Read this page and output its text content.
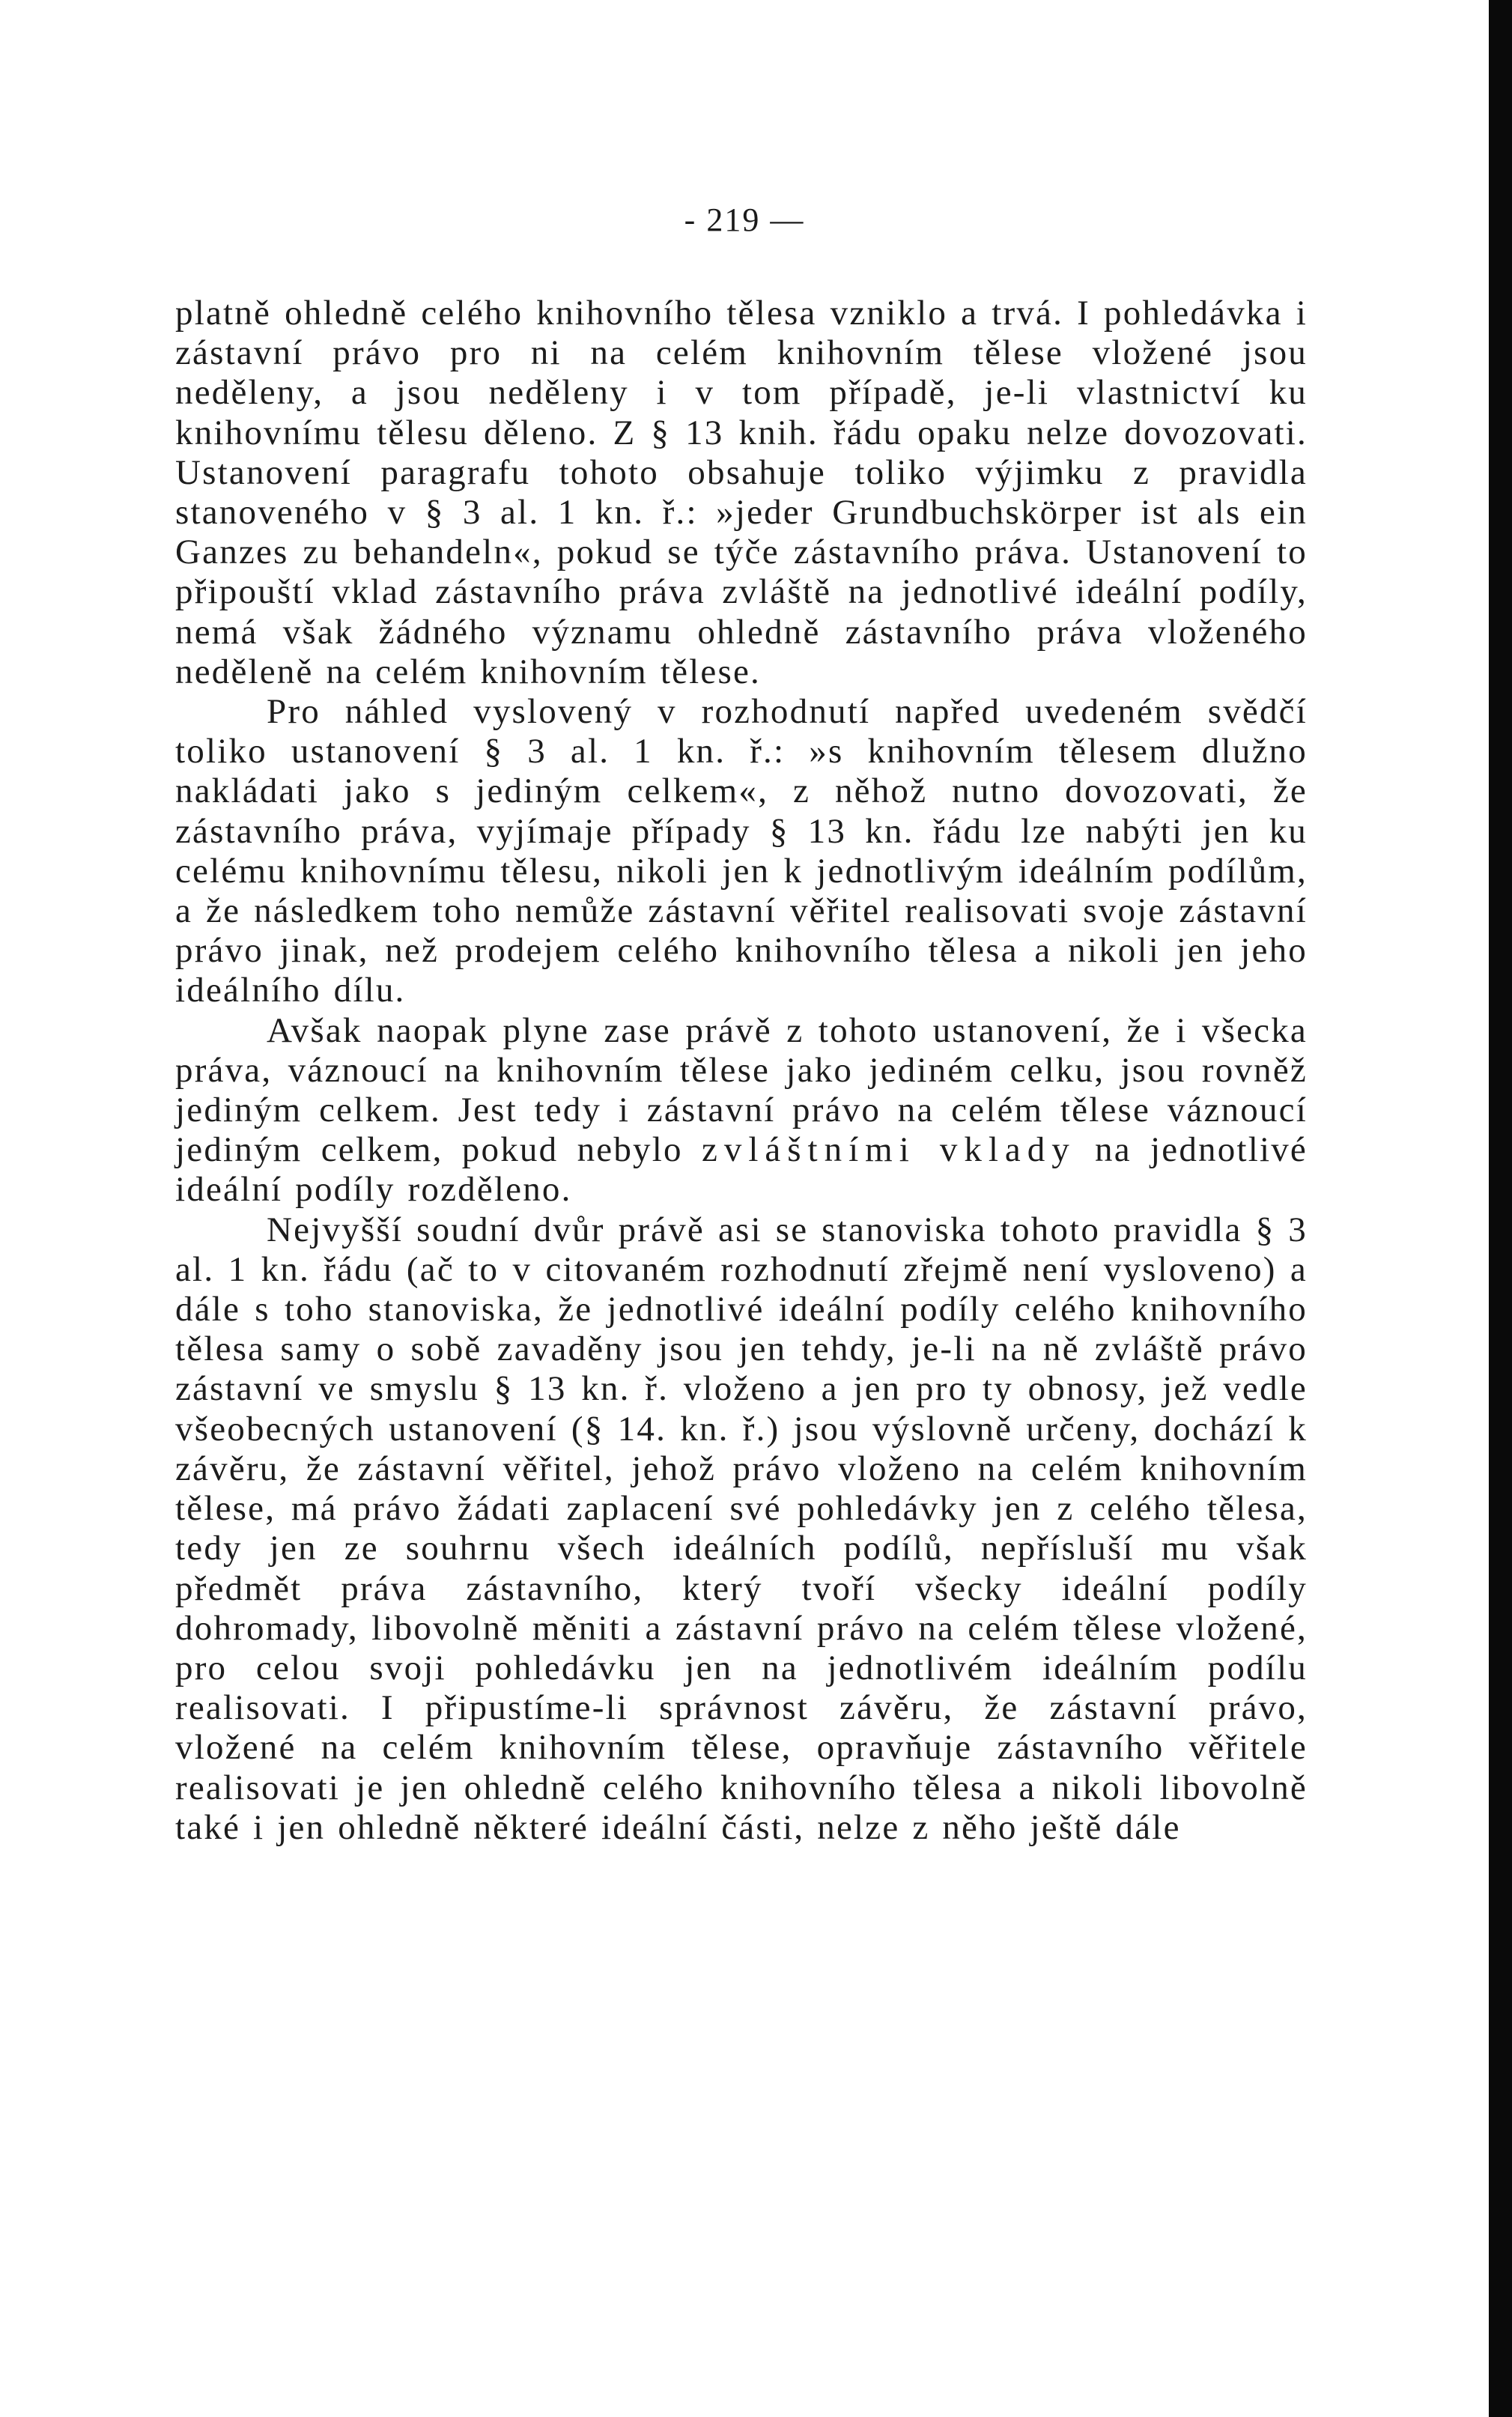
- 219 —

platně ohledně celého knihovního tělesa vzniklo a trvá. I pohledávka i zástavní právo pro ni na celém knihovním tělese vložené jsou neděleny, a jsou neděleny i v tom případě, je-li vlastnictví ku knihovnímu tělesu děleno. Z § 13 knih. řádu opaku nelze dovozovati. Ustanovení paragrafu tohoto obsahuje toliko výjimku z pravidla stanoveného v § 3 al. 1 kn. ř.: »jeder Grundbuchskörper ist als ein Ganzes zu behandeln«, pokud se týče zástavního práva. Ustanovení to připouští vklad zástavního práva zvláště na jednotlivé ideální podíly, nemá však žádného významu ohledně zástavního práva vloženého neděleně na celém knihovním tělese.

Pro náhled vyslovený v rozhodnutí napřed uvedeném svědčí toliko ustanovení § 3 al. 1 kn. ř.: »s knihovním tělesem dlužno nakládati jako s jediným celkem«, z něhož nutno dovozovati, že zástavního práva, vyjímaje případy § 13 kn. řádu lze nabýti jen ku celému knihovnímu tělesu, nikoli jen k jednotlivým ideálním podílům, a že následkem toho nemůže zástavní věřitel realisovati svoje zástavní právo jinak, než prodejem celého knihovního tělesa a nikoli jen jeho ideálního dílu.

Avšak naopak plyne zase právě z tohoto ustanovení, že i všecka práva, váznoucí na knihovním tělese jako jediném celku, jsou rovněž jediným celkem. Jest tedy i zástavní právo na celém tělese váznoucí jediným celkem, pokud nebylo zvláštními vklady na jednotlivé ideální podíly rozděleno.

Nejvyšší soudní dvůr právě asi se stanoviska tohoto pravidla § 3 al. 1 kn. řádu (ač to v citovaném rozhodnutí zřejmě není vysloveno) a dále s toho stanoviska, že jednotlivé ideální podíly celého knihovního tělesa samy o sobě zavaděny jsou jen tehdy, je-li na ně zvláště právo zástavní ve smyslu § 13 kn. ř. vloženo a jen pro ty obnosy, jež vedle všeobecných ustanovení (§ 14. kn. ř.) jsou výslovně určeny, dochází k závěru, že zástavní věřitel, jehož právo vloženo na celém knihovním tělese, má právo žádati zaplacení své pohledávky jen z celého tělesa, tedy jen ze souhrnu všech ideálních podílů, nepřísluší mu však předmět práva zástavního, který tvoří všecky ideální podíly dohromady, libovolně měniti a zástavní právo na celém tělese vložené, pro celou svoji pohledávku jen na jednotlivém ideálním podílu realisovati. I připustíme-li správnost závěru, že zástavní právo, vložené na celém knihovním tělese, opravňuje zástavního věřitele realisovati je jen ohledně celého knihovního tělesa a nikoli libovolně také i jen ohledně některé ideální části, nelze z něho ještě dále
